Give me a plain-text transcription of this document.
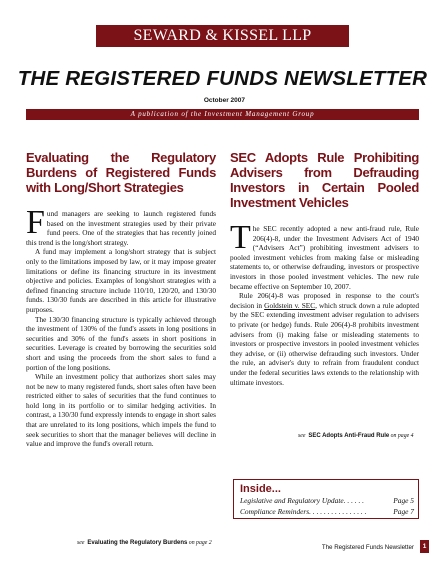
SEWARD & KISSEL LLP
THE REGISTERED FUNDS NEWSLETTER
October 2007
A publication of the Investment Management Group
Evaluating the Regulatory Burdens of Registered Funds with Long/Short Strategies

Fund managers are seeking to launch registered funds based on the investment strategies used by their private fund peers. One of the strategies that has recently joined this trend is the long/short strategy.

A fund may implement a long/short strategy that is subject only to the limitations imposed by law, or it may impose greater limitations or define its financing structure in its investment objective and policies. Examples of long/short strategies with a defined financing structure include 110/10, 120/20, and 130/30 funds. 130/30 funds are described in this article for illustrative purposes.

The 130/30 financing structure is typically achieved through the investment of 130% of the fund's assets in long positions in securities and 30% of the fund's assets in short positions in securities. Leverage is created by borrowing the securities sold short and using the proceeds from the short sales to fund a portion of the long positions.

While an investment policy that authorizes short sales may not be new to many registered funds, short sales often have been restricted either to sales of securities that the fund continues to hold long in its portfolio or to similar hedging activities. In contrast, a 130/30 fund expressly intends to engage in short sales that are unrelated to its long positions, which impels the fund to seek securities to short that the manager believes will decline in value and improve the fund's overall return.

see Evaluating the Regulatory Burdens on page 2
SEC Adopts Rule Prohibiting Advisers from Defrauding Investors in Certain Pooled Investment Vehicles

The SEC recently adopted a new anti-fraud rule, Rule 206(4)-8, under the Investment Advisers Act of 1940 (“Advisers Act”) prohibiting investment advisers to pooled investment vehicles from making false or misleading statements to, or otherwise defrauding, investors or prospective investors in those pooled investment vehicles. The new rule became effective on September 10, 2007.

Rule 206(4)-8 was proposed in response to the court's decision in Goldstein v. SEC, which struck down a rule adopted by the SEC extending investment adviser regulation to advisers to private (or hedge) funds. Rule 206(4)-8 prohibits investment advisers from (i) making false or misleading statements to investors or prospective investors in pooled investment vehicles they advise, or (ii) otherwise defrauding such investors. Under the rule, an adviser's duty to refrain from fraudulent conduct under the federal securities laws extends to the relationship with ultimate investors.

see SEC Adopts Anti-Fraud Rule on page 4
Inside...
Legislative and Regulatory Update . . . . . .	Page 5
Compliance Reminders . . . . . . . . . . . . . . . .	Page 7
The Registered Funds Newsletter	1
